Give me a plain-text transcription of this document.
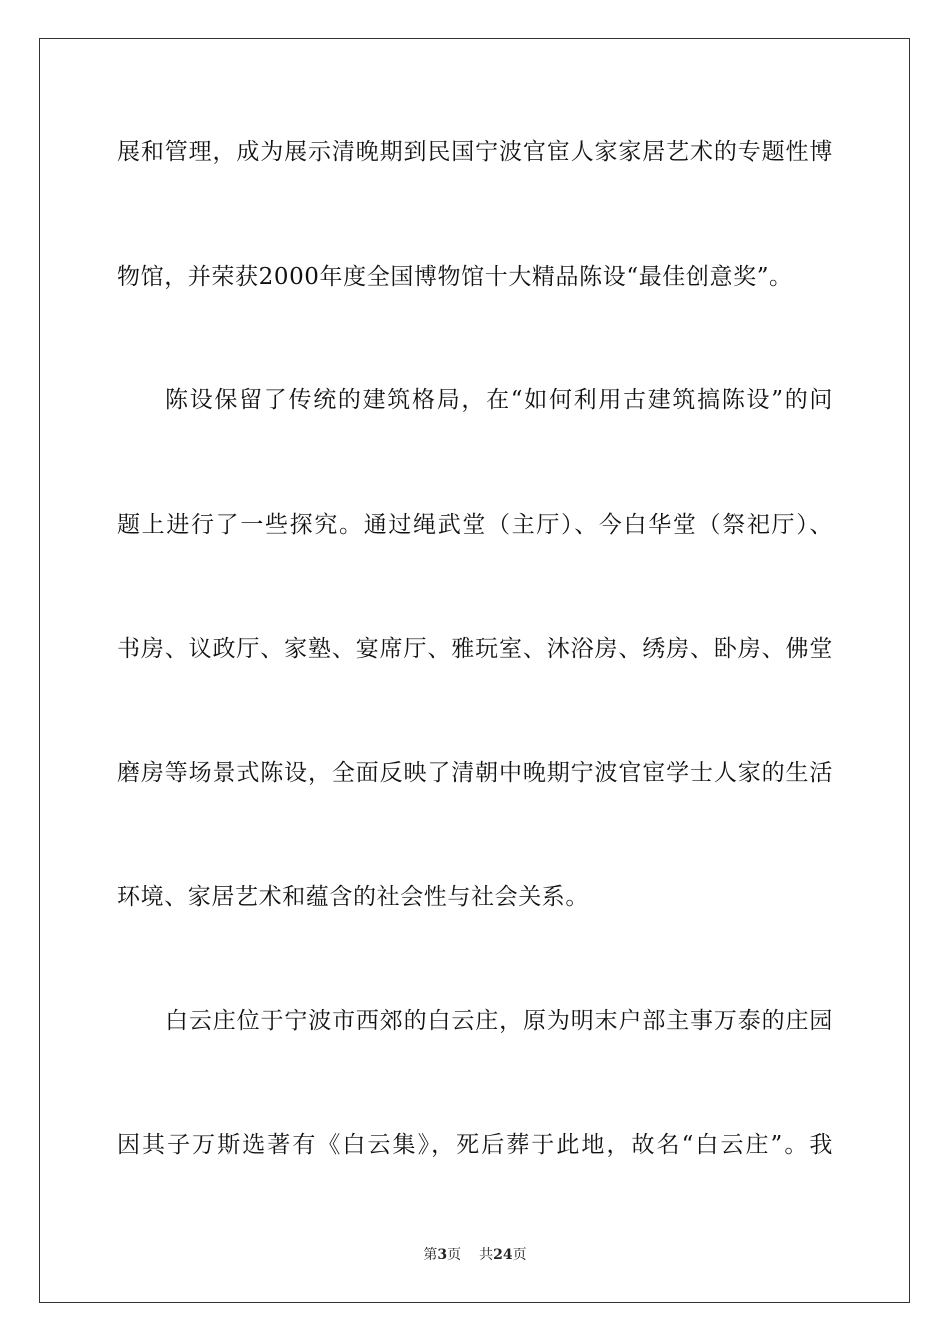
展和管理，成为展示清晚期到民国宁波官宦人家家居艺术的专题性博
物馆，并荣获2000年度全国博物馆十大精品陈设“最佳创意奖”。
陈设保留了传统的建筑格局，在“如何利用古建筑搞陈设”的问
题上进行了一些探究。通过绳武堂（主厅）、今白华堂（祭祀厅）、
书房、议政厅、家塾、宴席厅、雅玩室、沐浴房、绣房、卧房、佛堂
磨房等场景式陈设，全面反映了清朝中晚期宁波官宦学士人家的生活
环境、家居艺术和蕴含的社会性与社会关系。
白云庄位于宁波市西郊的白云庄，原为明末户部主事万泰的庄园
因其子万斯选著有《白云集》，死后葬于此地，故名“白云庄”。我
第3页 共24页
